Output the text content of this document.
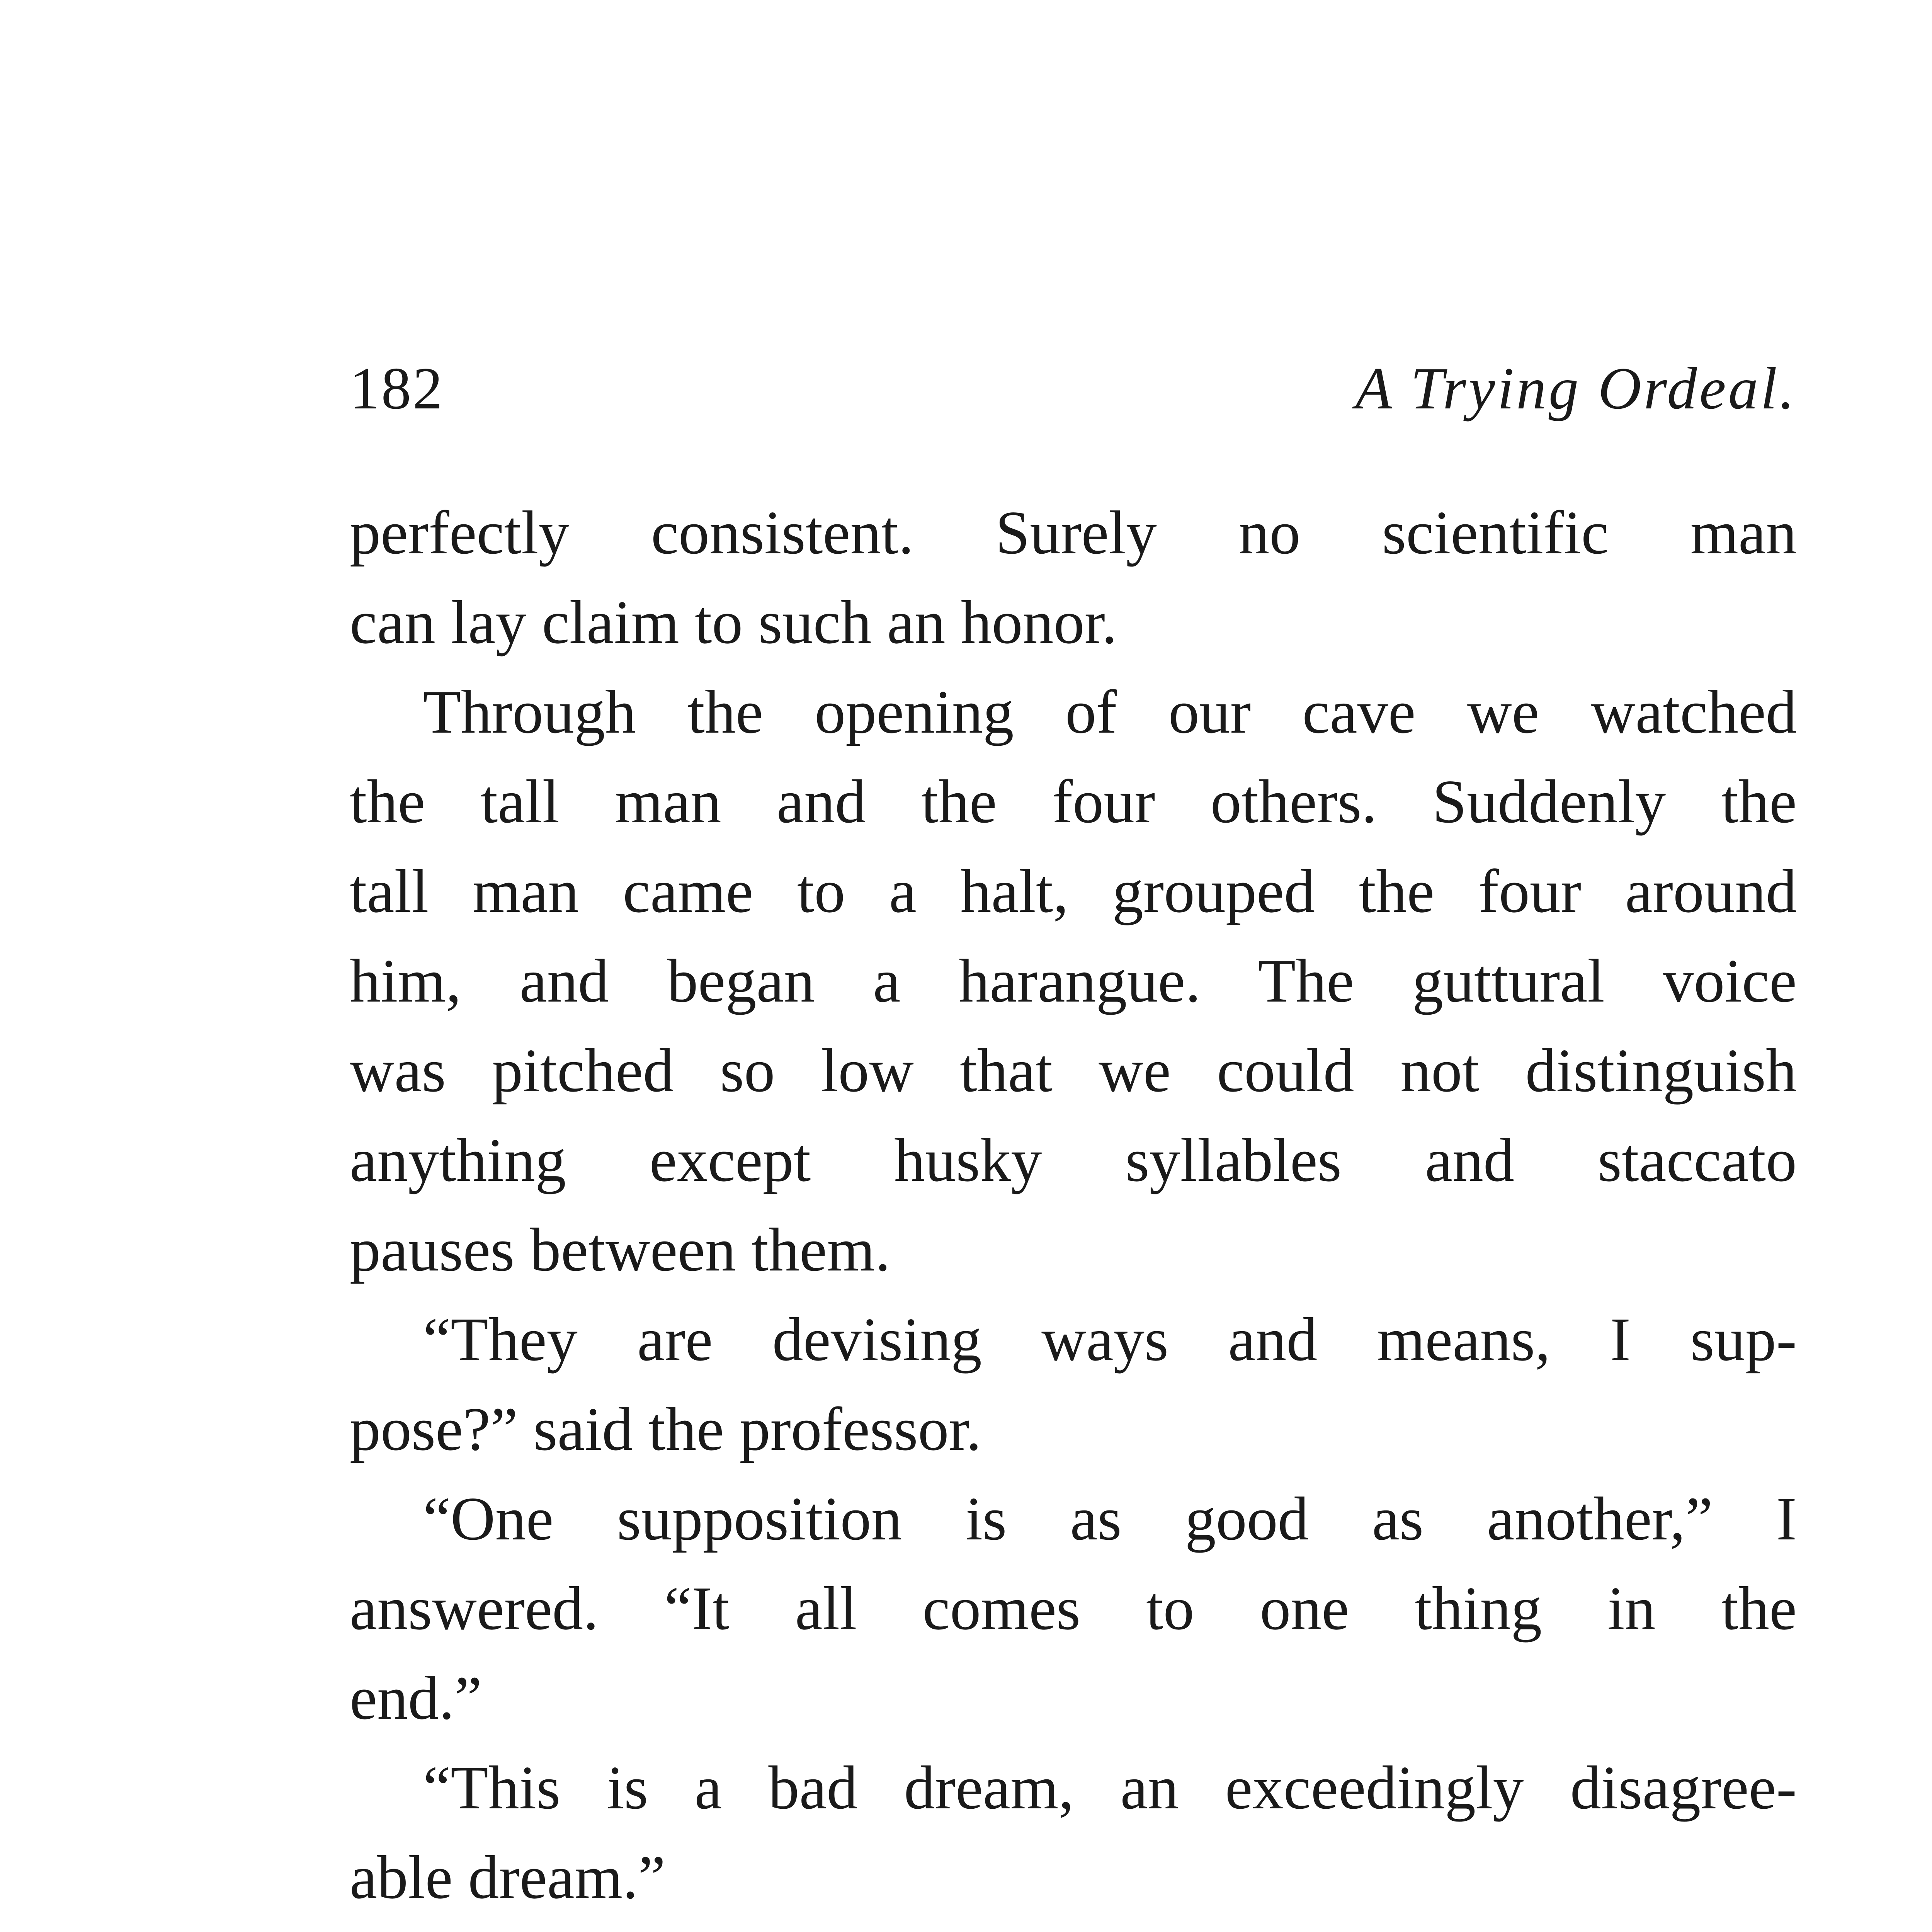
182	A Trying Ordeal.
perfectly consistent. Surely no scientific man
can lay claim to such an honor.
Through the opening of our cave we watched
the tall man and the four others. Suddenly the
tall man came to a halt, grouped the four around
him, and began a harangue. The guttural voice
was pitched so low that we could not distinguish
anything except husky syllables and staccato
pauses between them.
“They are devising ways and means, I sup-
pose?” said the professor.
“One supposition is as good as another,” I
answered. “It all comes to one thing in the
end.”
“This is a bad dream, an exceedingly disagree-
able dream.”
